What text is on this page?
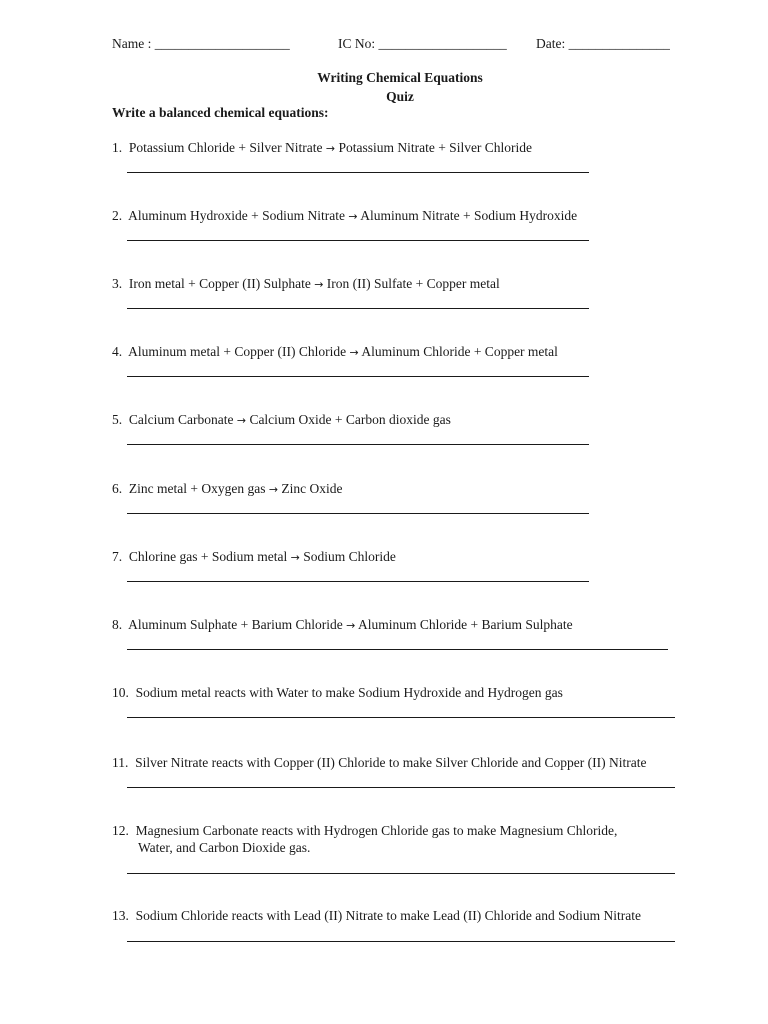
Name : ____________________	IC No: ___________________ Date: _______________
Writing Chemical Equations
Quiz
Write a balanced chemical equations:
1. Potassium Chloride + Silver Nitrate → Potassium Nitrate + Silver Chloride
2. Aluminum Hydroxide + Sodium Nitrate → Aluminum Nitrate + Sodium Hydroxide
3. Iron metal + Copper (II) Sulphate → Iron (II) Sulfate + Copper metal
4. Aluminum metal + Copper (II) Chloride → Aluminum Chloride + Copper metal
5. Calcium Carbonate → Calcium Oxide + Carbon dioxide gas
6. Zinc metal + Oxygen gas → Zinc Oxide
7. Chlorine gas + Sodium metal → Sodium Chloride
8. Aluminum Sulphate + Barium Chloride → Aluminum Chloride + Barium Sulphate
10. Sodium metal reacts with Water to make Sodium Hydroxide and Hydrogen gas
11. Silver Nitrate reacts with Copper (II) Chloride to make Silver Chloride and Copper (II) Nitrate
12. Magnesium Carbonate reacts with Hydrogen Chloride gas to make Magnesium Chloride,
Water, and Carbon Dioxide gas.
13. Sodium Chloride reacts with Lead (II) Nitrate to make Lead (II) Chloride and Sodium Nitrate
